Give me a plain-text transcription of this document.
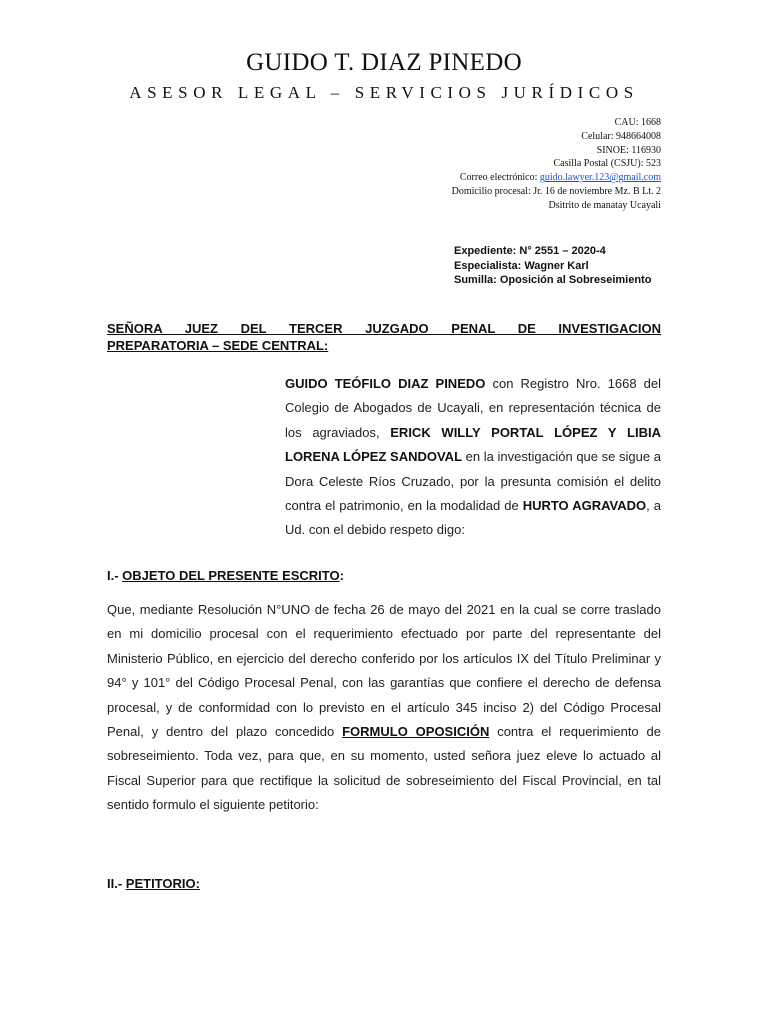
GUIDO T. DIAZ PINEDO
ASESOR LEGAL – SERVICIOS JURÍDICOS
CAU: 1668
Celular: 948664008
SINOE: 116930
Casilla Postal (CSJU): 523
Correo electrónico: guido.lawyer.123@gmail.com
Domicilio procesal: Jr. 16 de noviembre Mz. B Lt. 2
Dsitrito de manatay Ucayali
Expediente: N° 2551 – 2020-4
Especialista: Wagner Karl
Sumilla: Oposición al Sobreseimiento
SEÑORA JUEZ DEL TERCER JUZGADO PENAL DE INVESTIGACION
PREPARATORIA – SEDE CENTRAL:
GUIDO TEÓFILO DIAZ PINEDO con Registro Nro. 1668 del Colegio de Abogados de Ucayali, en representación técnica de los agraviados, ERICK WILLY PORTAL LÓPEZ Y LIBIA LORENA LÓPEZ SANDOVAL en la investigación que se sigue a Dora Celeste Ríos Cruzado, por la presunta comisión el delito contra el patrimonio, en la modalidad de HURTO AGRAVADO, a Ud. con el debido respeto digo:
I.- OBJETO DEL PRESENTE ESCRITO:
Que, mediante Resolución N°UNO de fecha 26 de mayo del 2021 en la cual se corre traslado en mi domicilio procesal con el requerimiento efectuado por parte del representante del Ministerio Público, en ejercicio del derecho conferido por los artículos IX del Título Preliminar y 94° y 101° del Código Procesal Penal, con las garantías que confiere el derecho de defensa procesal, y de conformidad con lo previsto en el artículo 345 inciso 2) del Código Procesal Penal, y dentro del plazo concedido FORMULO OPOSICIÓN contra el requerimiento de sobreseimiento. Toda vez, para que, en su momento, usted señora juez eleve lo actuado al Fiscal Superior para que rectifique la solicitud de sobreseimiento del Fiscal Provincial, en tal sentido formulo el siguiente petitorio:
II.- PETITORIO:
